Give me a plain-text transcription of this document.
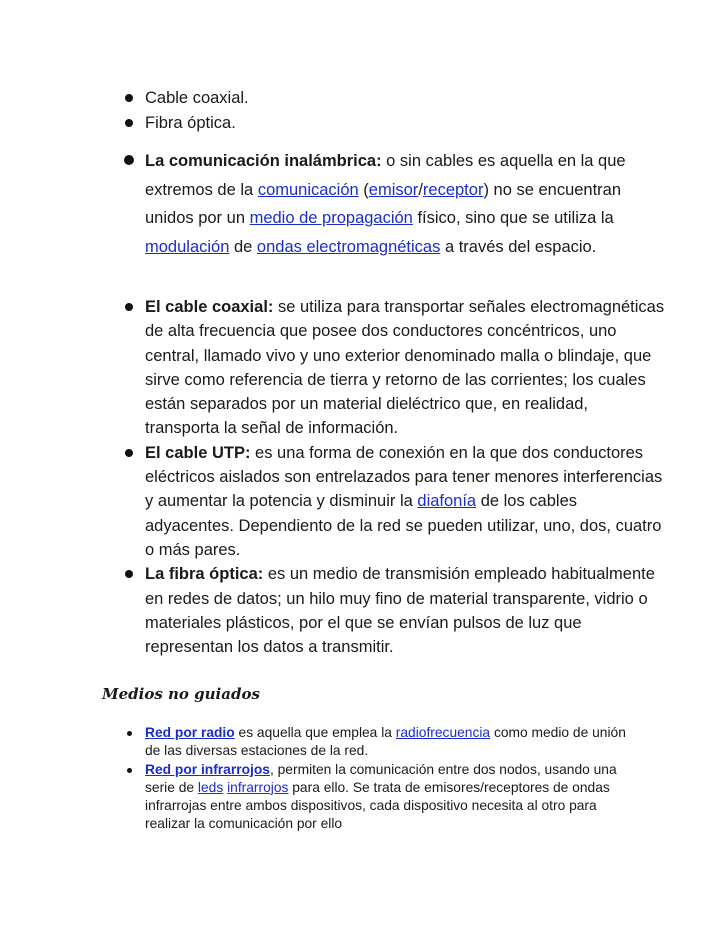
Cable coaxial.
Fibra óptica.
La comunicación inalámbrica: o sin cables es aquella en la que extremos de la comunicación (emisor/receptor) no se encuentran unidos por un medio de propagación físico, sino que se utiliza la modulación de ondas electromagnéticas a través del espacio.
El cable coaxial: se utiliza para transportar señales electromagnéticas de alta frecuencia que posee dos conductores concéntricos, uno central, llamado vivo y uno exterior denominado malla o blindaje, que sirve como referencia de tierra y retorno de las corrientes; los cuales están separados por un material dieléctrico que, en realidad, transporta la señal de información.
El cable UTP: es una forma de conexión en la que dos conductores eléctricos aislados son entrelazados para tener menores interferencias y aumentar la potencia y disminuir la diafonía de los cables adyacentes. Dependiento de la red se pueden utilizar, uno, dos, cuatro o más pares.
La fibra óptica: es un medio de transmisión empleado habitualmente en redes de datos; un hilo muy fino de material transparente, vidrio o materiales plásticos, por el que se envían pulsos de luz que representan los datos a transmitir.
Medios no guiados
Red por radio es aquella que emplea la radiofrecuencia como medio de unión de las diversas estaciones de la red.
Red por infrarrojos, permiten la comunicación entre dos nodos, usando una serie de leds infrarrojos para ello. Se trata de emisores/receptores de ondas infrarrojas entre ambos dispositivos, cada dispositivo necesita al otro para realizar la comunicación por ello
